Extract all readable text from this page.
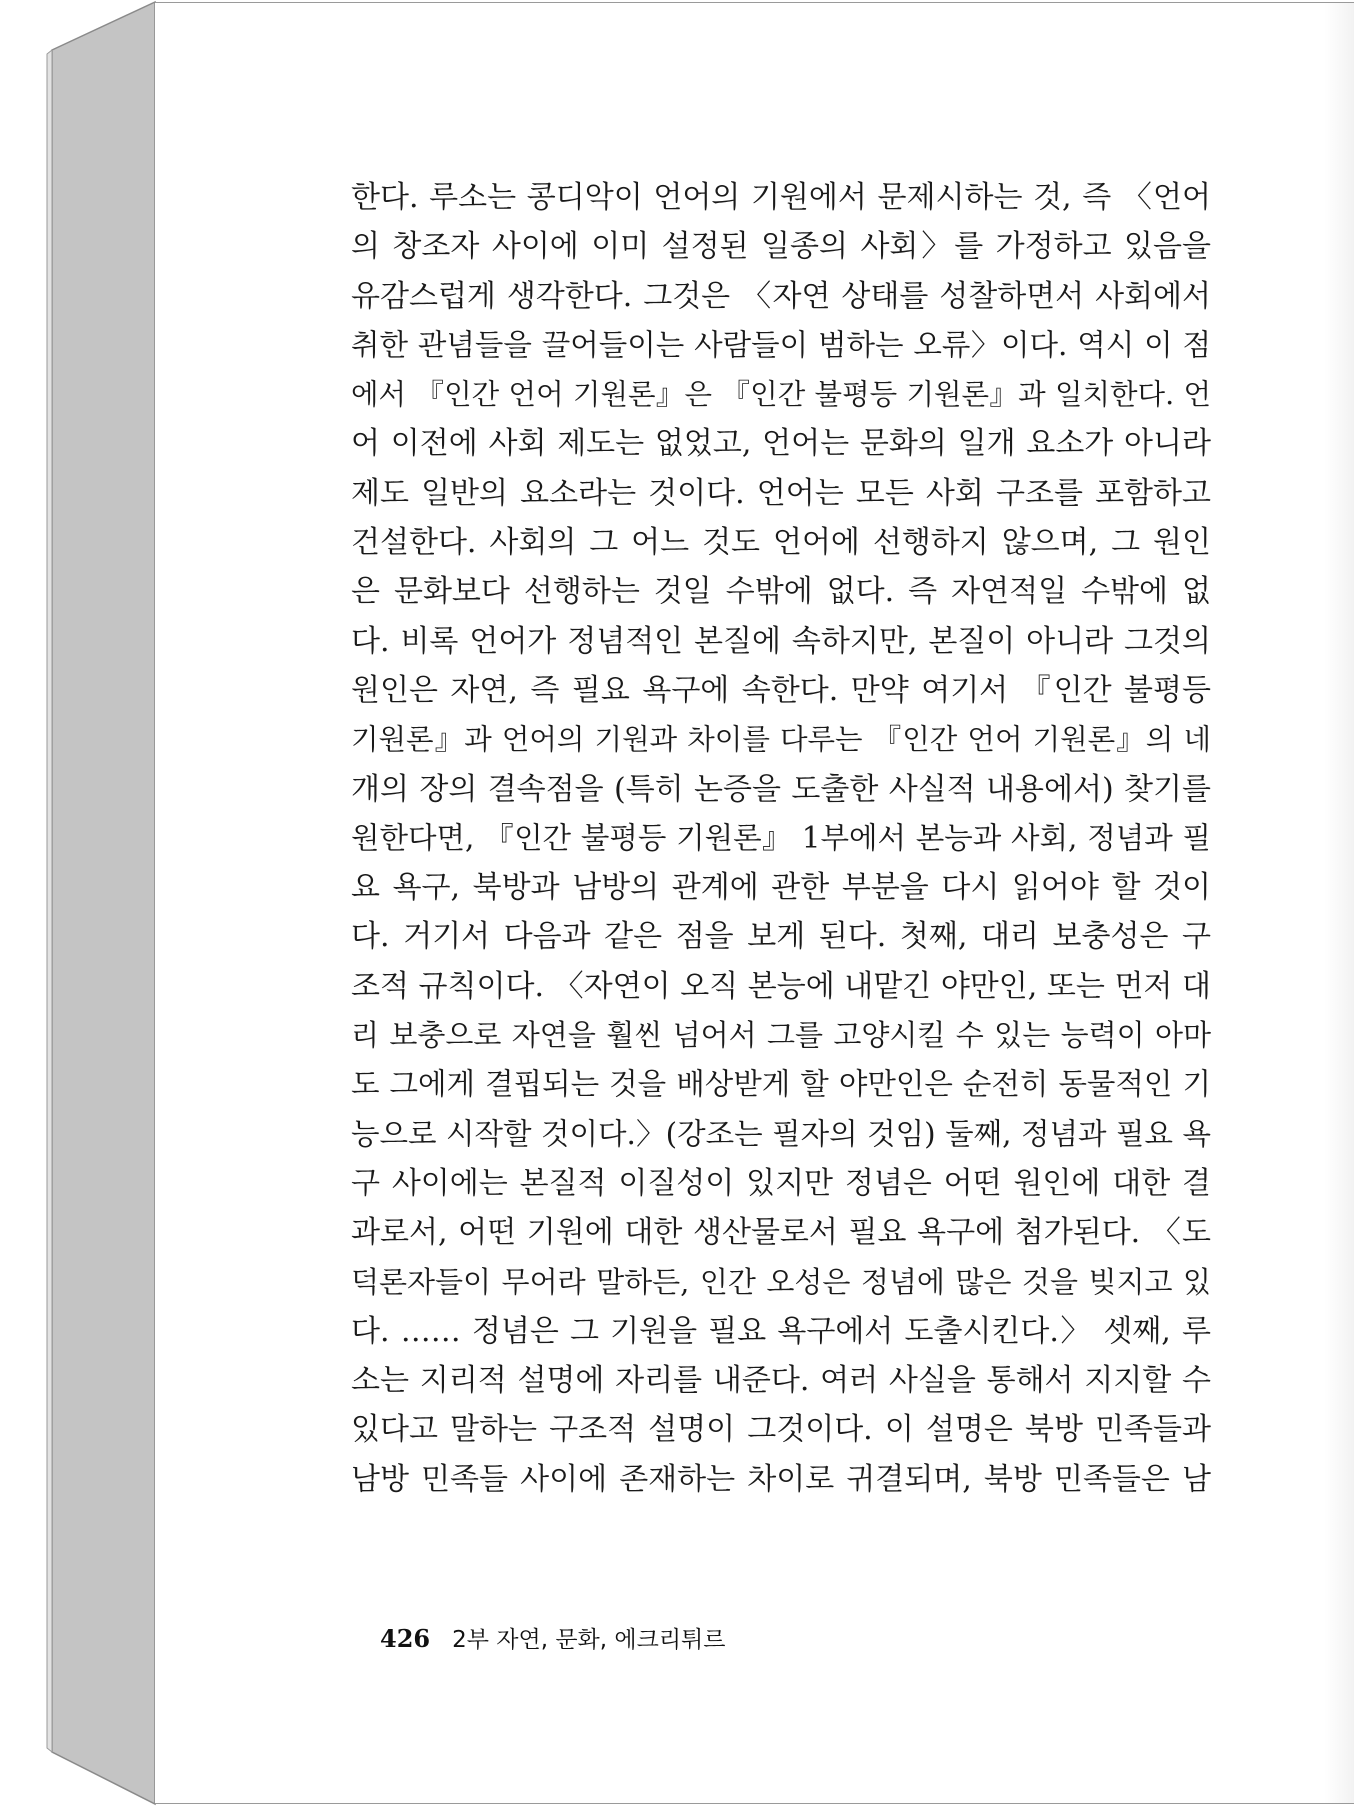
한다. 루소는 콩디악이 언어의 기원에서 문제시하는 것, 즉 〈언어
의 창조자 사이에 이미 설정된 일종의 사회〉를 가정하고 있음을
유감스럽게 생각한다. 그것은 〈자연 상태를 성찰하면서 사회에서
취한 관념들을 끌어들이는 사람들이 범하는 오류〉이다. 역시 이 점
에서 『인간 언어 기원론』은 『인간 불평등 기원론』과 일치한다. 언
어 이전에 사회 제도는 없었고, 언어는 문화의 일개 요소가 아니라
제도 일반의 요소라는 것이다. 언어는 모든 사회 구조를 포함하고
건설한다. 사회의 그 어느 것도 언어에 선행하지 않으며, 그 원인
은 문화보다 선행하는 것일 수밖에 없다. 즉 자연적일 수밖에 없
다. 비록 언어가 정념적인 본질에 속하지만, 본질이 아니라 그것의
원인은 자연, 즉 필요 욕구에 속한다. 만약 여기서 『인간 불평등
기원론』과 언어의 기원과 차이를 다루는 『인간 언어 기원론』의 네
개의 장의 결속점을 (특히 논증을 도출한 사실적 내용에서) 찾기를
원한다면, 『인간 불평등 기원론』 1부에서 본능과 사회, 정념과 필
요 욕구, 북방과 남방의 관계에 관한 부분을 다시 읽어야 할 것이
다. 거기서 다음과 같은 점을 보게 된다. 첫째, 대리 보충성은 구
조적 규칙이다. 〈자연이 오직 본능에 내맡긴 야만인, 또는 먼저 대
리 보충으로 자연을 훨씬 넘어서 그를 고양시킬 수 있는 능력이 아마
도 그에게 결핍되는 것을 배상받게 할 야만인은 순전히 동물적인 기
능으로 시작할 것이다.〉(강조는 필자의 것임) 둘째, 정념과 필요 욕
구 사이에는 본질적 이질성이 있지만 정념은 어떤 원인에 대한 결
과로서, 어떤 기원에 대한 생산물로서 필요 욕구에 첨가된다. 〈도
덕론자들이 무어라 말하든, 인간 오성은 정념에 많은 것을 빚지고 있
다. …… 정념은 그 기원을 필요 욕구에서 도출시킨다.〉 셋째, 루
소는 지리적 설명에 자리를 내준다. 여러 사실을 통해서 지지할 수
있다고 말하는 구조적 설명이 그것이다. 이 설명은 북방 민족들과
남방 민족들 사이에 존재하는 차이로 귀결되며, 북방 민족들은 남
426 2부 자연, 문화, 에크리튀르
